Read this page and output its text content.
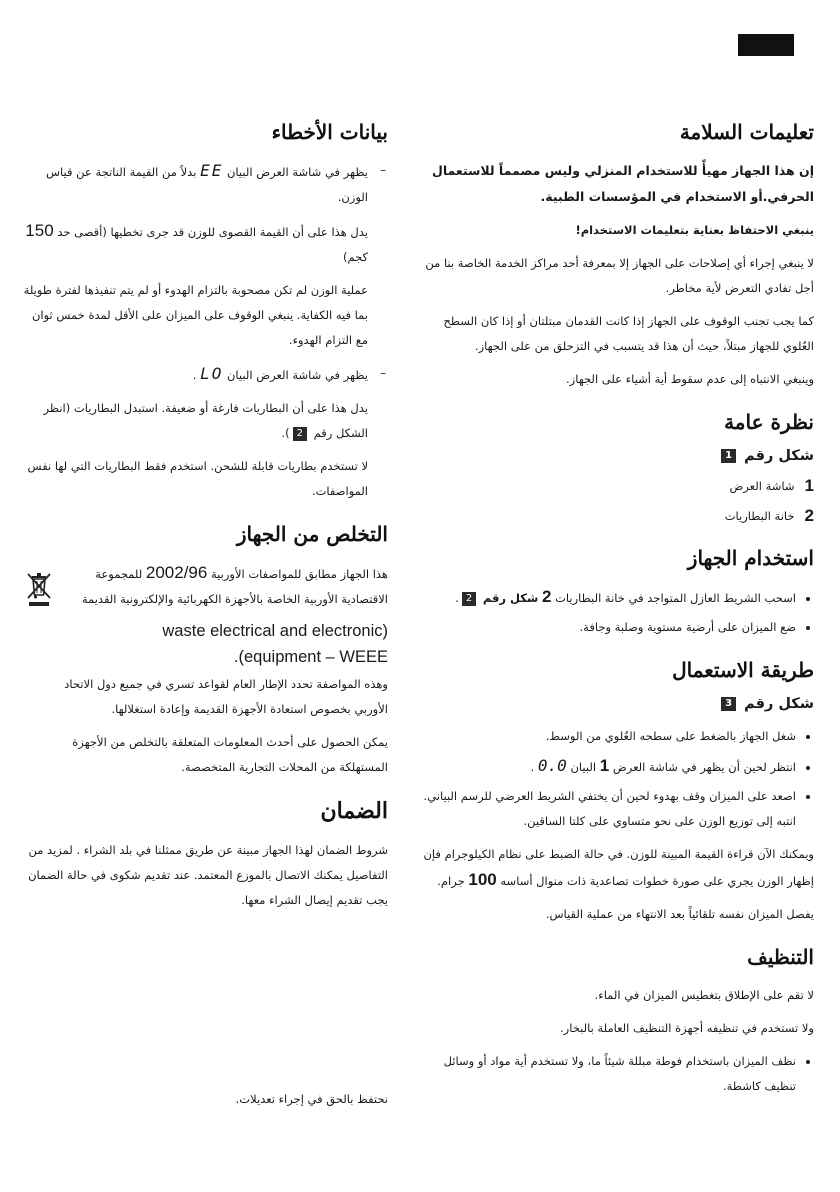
تعليمات السلامة

إن هذا الجهاز مهيأً للاستخدام المنزلي وليس مصمماً للاستعمال الحرفي.أو الاستخدام في المؤسسات الطبية.

ينبغي الاحتفاظ بعناية بتعليمات الاستخدام!

لا ينبغي إجراء أي إصلاحات على الجهاز إلا بمعرفة أحد مراكز الخدمة الخاصة بنا من أجل تفادي التعرض لأية مخاطر.

كما يجب تجنب الوقوف على الجهاز إذا كانت القدمان مبتلتان أو إذا كان السطح العُلوي للجهاز مبتلاً، حيث أن هذا قد يتسبب في التزحلق من على الجهاز.

وينبغي الانتباه إلى عدم سقوط أية أشياء على الجهاز.

نظرة عامة
شكل رقم 1
1
شاشة العرض
2
خانة البطاريات
استخدام الجهاز
• اسحب الشريط العازل المتواجد في خانة البطاريات 2 شكل رقم 2.
• ضع الميزان على أرضية مستوية وصلبة وجافة.
طريقة الاستعمال
شكل رقم 3
• شغل الجهاز بالضغط على سطحه العُلوي من الوسط.
• انتظر لحين أن يظهر في شاشة العرض 1 البيان 0.0 .
• اصعد على الميزان وقف بهدوء لحين أن يختفي الشريط العرضي للرسم البياني. انتبه إلى توزيع الوزن على نحو متساوي على كلتا الساقين.

ويمكنك الآن قراءة القيمة المبينة للوزن. في حالة الضبط على نظام الكيلوجرام فإن إظهار الوزن يجري على صورة خطوات تصاعدية ذات منوال أساسه 100 جرام.

يفصل الميزان نفسه تلقائياً بعد الانتهاء من عملية القياس.

التنظيف

لا تقم على الإطلاق بتغطيس الميزان في الماء.

ولا تستخدم في تنظيفه أجهزة التنظيف العاملة بالبخار.

• نظف الميزان باستخدام فوطة مبللة شيئاً ما، ولا تستخدم أية مواد أو وسائل تنظيف كاشطة.
بيانات الأخطاء

– يظهر في شاشة العرض البيان EE بدلاً من القيمة الناتجة عن قياس الوزن.

يدل هذا على أن القيمة القصوى للوزن قد جرى تخطيها (أقصى حد 150 كجم)

عملية الوزن لم تكن مصحوبة بالتزام الهدوء أو لم يتم تنفيذها لفترة طويلة بما فيه الكفاية. ينبغي الوقوف على الميزان على الأقل لمدة خمس ثوان مع التزام الهدوء.

– يظهر في شاشة العرض البيان LO .

يدل هذا على أن البطاريات فارغة أو ضعيفة. استبدل البطاريات (انظر الشكل رقم 2).

لا تستخدم بطاريات قابلة للشحن. استخدم فقط البطاريات التي لها نفس المواصفات.

التخلص من الجهاز

هذا الجهاز مطابق للمواصفات الأوربية 2002/96 للمجموعة الاقتصادية الأوربية الخاصة بالأجهزة الكهربائية والإلكترونية القديمة

waste electrical and electronic)
.(equipment – WEEE

وهذه المواصفة تحدد الإطار العام لقواعد تسري في جميع دول الاتحاد الأوربي بخصوص استعادة الأجهزة القديمة وإعادة استغلالها.

يمكن الحصول على أحدث المعلومات المتعلقة بالتخلص من الأجهزة المستهلكة من المحلات التجارية المتخصصة.

الضمان

شروط الضمان لهذا الجهاز مبينة عن طريق ممثلنا في بلد الشراء . لمزيد من التفاصيل يمكنك الاتصال بالموزع المعتمد. عند تقديم شكوى في حالة الضمان يجب تقديم إيصال الشراء معها.

نحتفظ بالحق في إجراء تعديلات.
